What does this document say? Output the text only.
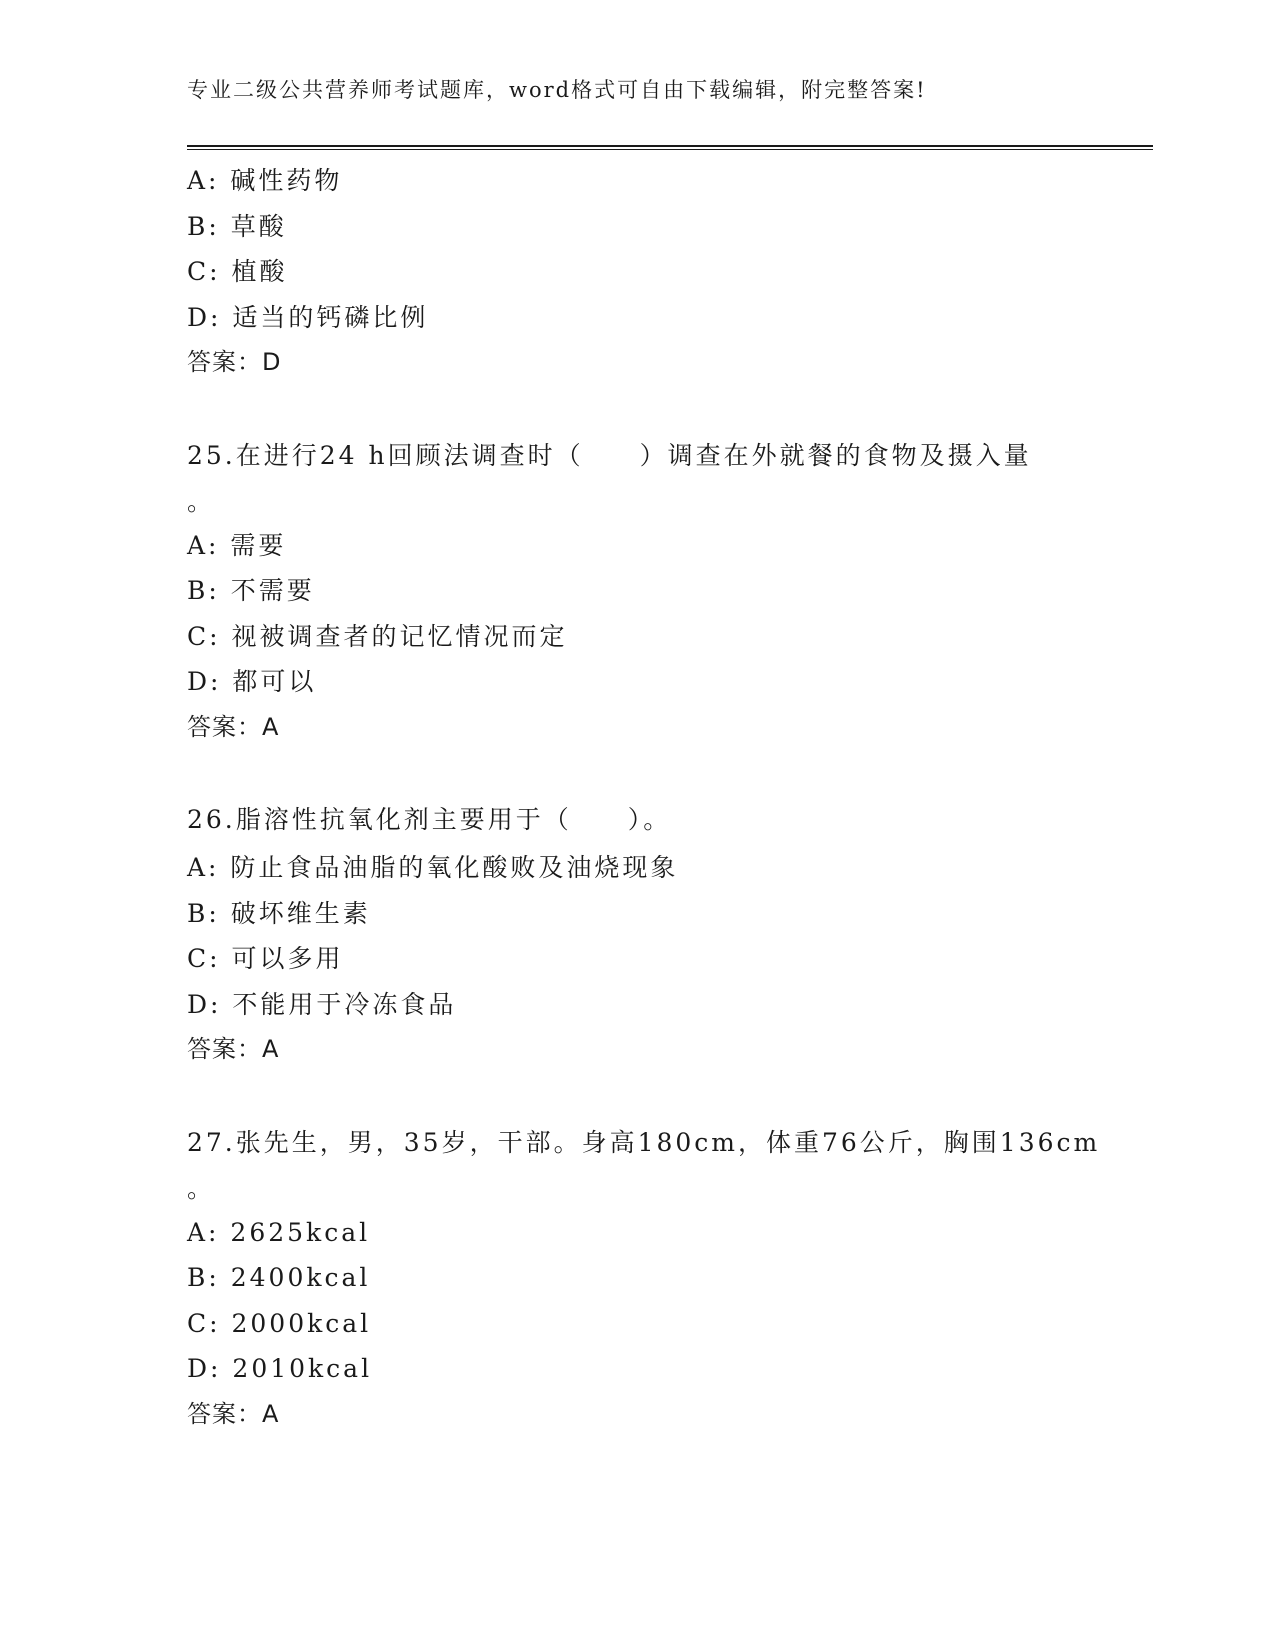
专业二级公共营养师考试题库，word格式可自由下载编辑，附完整答案!
A: 碱性药物
B: 草酸
C: 植酸
D: 适当的钙磷比例
答案：D
25.在进行24 h回顾法调查时（　　）调查在外就餐的食物及摄入量
。
A: 需要
B: 不需要
C: 视被调查者的记忆情况而定
D: 都可以
答案：A
26.脂溶性抗氧化剂主要用于（　　）。
A: 防止食品油脂的氧化酸败及油烧现象
B: 破坏维生素
C: 可以多用
D: 不能用于冷冻食品
答案：A
27.张先生，男，35岁，干部。身高180cm，体重76公斤，胸围136cm
。
A: 2625kcal
B: 2400kcal
C: 2000kcal
D: 2010kcal
答案：A
